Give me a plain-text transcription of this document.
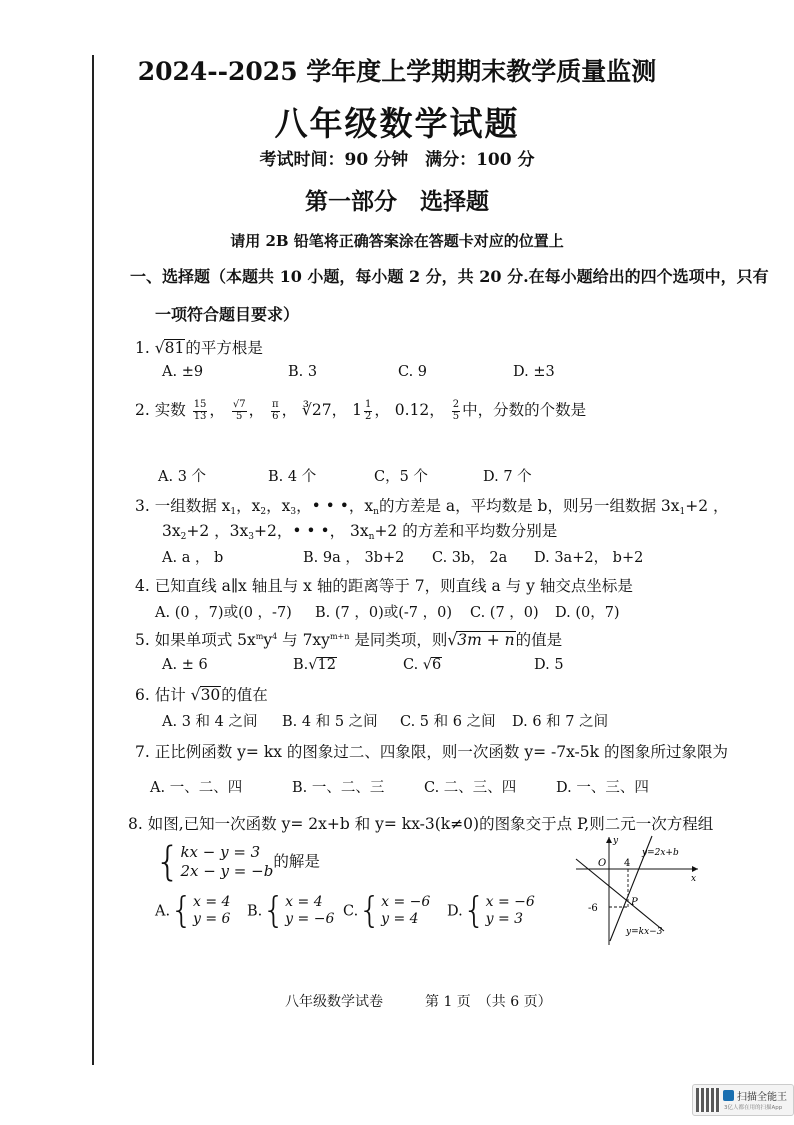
2024--2025 学年度上学期期末教学质量监测
八年级数学试题
考试时间：90 分钟　满分：100 分
第一部分　选择题
请用 2B 铅笔将正确答案涂在答题卡对应的位置上
一、选择题（本题共 10 小题，每小题 2 分，共 20 分.在每小题给出的四个选项中，只有
一项符合题目要求）
1. √81的平方根是
A. ±9	B. 3	C. 9	D. ±3
2. 实数 $\frac{15}{13}$ ， $\frac{√7}{5}$ ， $\frac{\pi}{6}$ ， ∛27， $1 \frac{1}{2}$ ， 0.12， $\frac{2}{5}$ 中，分数的个数是
A. 3 个	B. 4 个	C，5 个	D. 7 个
3. 一组数据 $x_1$，$x_2$，$x_3$，• • •，$x_n$的方差是 a，平均数是 b，则另一组数据 $3x_1+2$ ，
$3x_2+2$ ，$3x_3+2$，• • •， $3x_n+2$ 的方差和平均数分别是
A. a ， b	B. 9a ， 3b+2 C. 3b， 2a D. 3a+2， b+2
4. 已知直线 a∥x 轴且与 x 轴的距离等于 7，则直线 a 与 y 轴交点坐标是
A. (0 ，7)或(0 ，-7) B. (7 ，0)或(-7 ，0) C. (7 ，0) D. (0，7)
5. 如果单项式 $5x^my^4$ 与 $7xy^{m+n}$ 是同类项，则√3m + n的值是
A. ± 6	B.√12	C. √6	D. 5
6. 估计 √30的值在
A. 3 和 4 之间 B. 4 和 5 之间 C. 5 和 6 之间 D. 6 和 7 之间
7. 正比例函数 y= kx 的图象过二、四象限，则一次函数 y= -7x-5k 的图象所过象限为
A. 一、二、四	B. 一、二、三	C. 二、三、四	D. 一、三、四
8. 如图,已知一次函数 y= 2x+b 和 y= kx-3(k≠0)的图象交于点 P,则二元一次方程组
{ kx − y = 3
2x − y = −b
的解是
A.{ x = 4
y = 6 B.{ x = 4
y = −6 C.{ x = −6
y = 4	D.{ x = −6
y = 3
y
x
O 4
-6
P
y=2x+b
y=kx−3
八年级数学试卷　　　第 1 页　（共 6 页）
扫描全能王
3亿人都在用的扫描App
